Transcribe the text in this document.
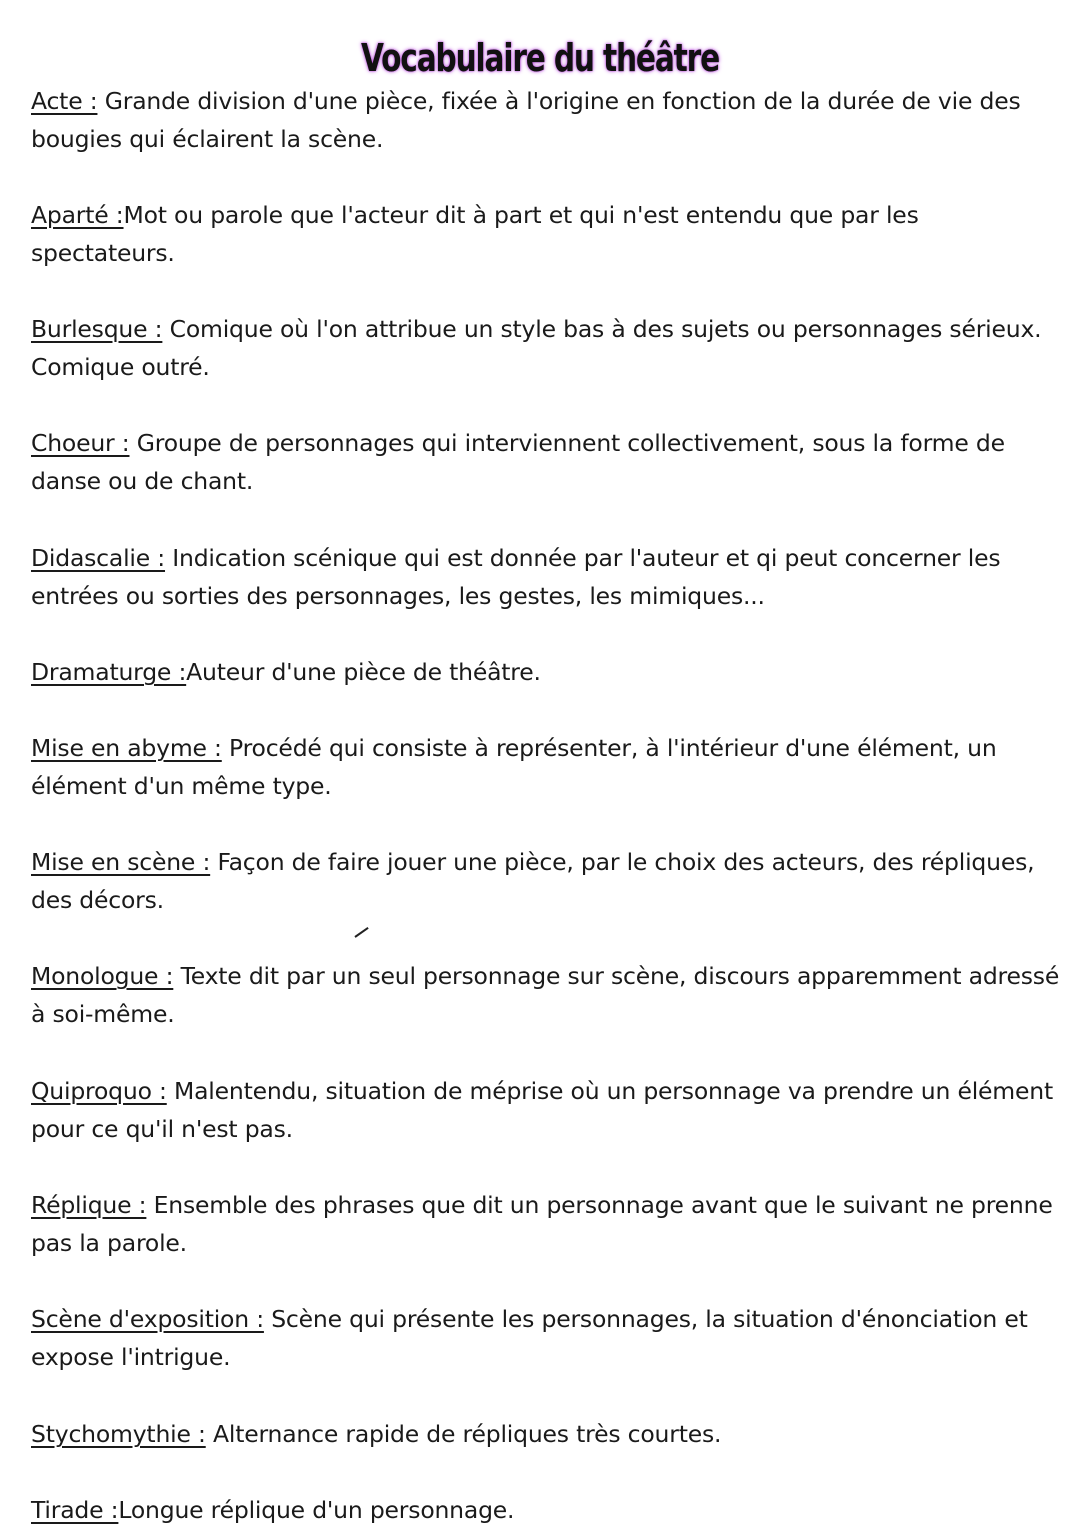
Vocabulaire du théâtre
Acte : Grande division d'une pièce, fixée à l'origine en fonction de la durée de vie des bougies qui éclairent la scène.
Aparté :Mot ou parole que l'acteur dit à part et qui n'est entendu que par les spectateurs.
Burlesque : Comique où l'on attribue un style bas à des sujets ou personnages sérieux. Comique outré.
Choeur : Groupe de personnages qui interviennent collectivement, sous la forme de danse ou de chant.
Didascalie : Indication scénique qui est donnée par l'auteur et qi peut concerner les entrées ou sorties des personnages, les gestes, les mimiques...
Dramaturge :Auteur d'une pièce de théâtre.
Mise en abyme : Procédé qui consiste à représenter, à l'intérieur d'une élément, un élément d'un même type.
Mise en scène : Façon de faire jouer une pièce, par le choix des acteurs, des répliques, des décors.
Monologue : Texte dit par un seul personnage sur scène, discours apparemment adressé à soi-même.
Quiproquo : Malentendu, situation de méprise où un personnage va prendre un élément pour ce qu'il n'est pas.
Réplique : Ensemble des phrases que dit un personnage avant que le suivant ne prenne pas la parole.
Scène d'exposition : Scène qui présente les personnages, la situation d'énonciation et expose l'intrigue.
Stychomythie : Alternance rapide de répliques très courtes.
Tirade :Longue réplique d'un personnage.
